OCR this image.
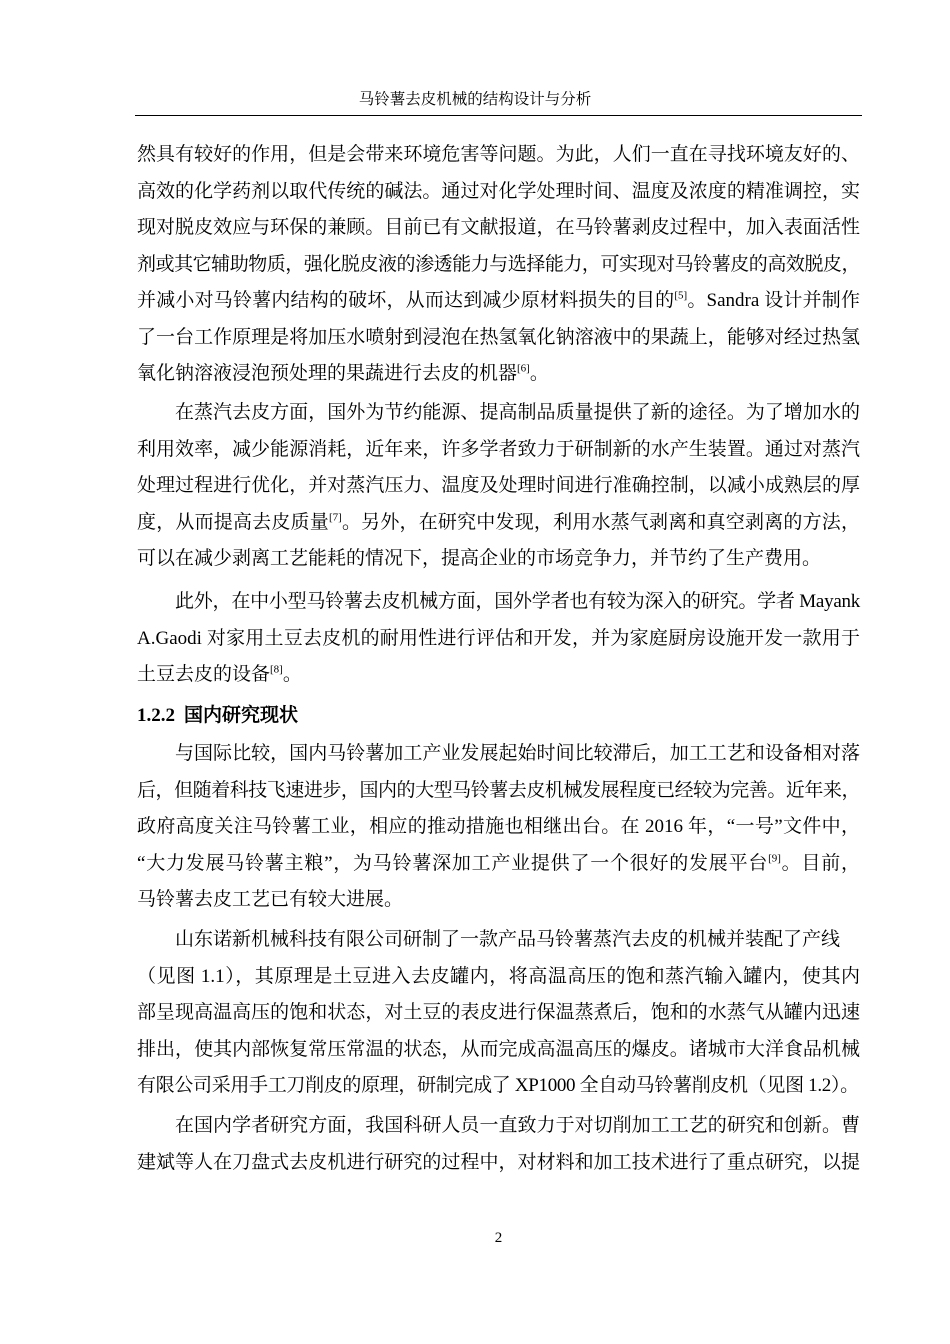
马铃薯去皮机械的结构设计与分析
然具有较好的作用，但是会带来环境危害等问题。为此，人们一直在寻找环境友好的、
高效的化学药剂以取代传统的碱法。通过对化学处理时间、温度及浓度的精准调控，实
现对脱皮效应与环保的兼顾。目前已有文献报道，在马铃薯剥皮过程中，加入表面活性
剂或其它辅助物质，强化脱皮液的渗透能力与选择能力，可实现对马铃薯皮的高效脱皮，
并减小对马铃薯内结构的破坏，从而达到减少原材料损失的目的[5]。Sandra 设计并制作
了一台工作原理是将加压水喷射到浸泡在热氢氧化钠溶液中的果蔬上，能够对经过热氢
氧化钠溶液浸泡预处理的果蔬进行去皮的机器[6]。
在蒸汽去皮方面，国外为节约能源、提高制品质量提供了新的途径。为了增加水的
利用效率，减少能源消耗，近年来，许多学者致力于研制新的水产生装置。通过对蒸汽
处理过程进行优化，并对蒸汽压力、温度及处理时间进行准确控制，以减小成熟层的厚
度，从而提高去皮质量[7]。另外，在研究中发现，利用水蒸气剥离和真空剥离的方法，
可以在减少剥离工艺能耗的情况下，提高企业的市场竞争力，并节约了生产费用。
此外，在中小型马铃薯去皮机械方面，国外学者也有较为深入的研究。学者 Mayank
A.Gaodi 对家用土豆去皮机的耐用性进行评估和开发，并为家庭厨房设施开发一款用于
土豆去皮的设备[8]。
1.2.2 国内研究现状
与国际比较，国内马铃薯加工产业发展起始时间比较滞后，加工工艺和设备相对落
后，但随着科技飞速进步，国内的大型马铃薯去皮机械发展程度已经较为完善。近年来，
政府高度关注马铃薯工业，相应的推动措施也相继出台。在 2016 年，“一号”文件中，
“大力发展马铃薯主粮”，为马铃薯深加工产业提供了一个很好的发展平台[9]。目前，
马铃薯去皮工艺已有较大进展。
山东诺新机械科技有限公司研制了一款产品马铃薯蒸汽去皮的机械并装配了产线
（见图 1.1），其原理是土豆进入去皮罐内，将高温高压的饱和蒸汽输入罐内，使其内
部呈现高温高压的饱和状态，对土豆的表皮进行保温蒸煮后，饱和的水蒸气从罐内迅速
排出，使其内部恢复常压常温的状态，从而完成高温高压的爆皮。诸城市大洋食品机械
有限公司采用手工刀削皮的原理，研制完成了 XP1000 全自动马铃薯削皮机（见图 1.2）。
在国内学者研究方面，我国科研人员一直致力于对切削加工工艺的研究和创新。曹
建斌等人在刀盘式去皮机进行研究的过程中，对材料和加工技术进行了重点研究，以提
2
